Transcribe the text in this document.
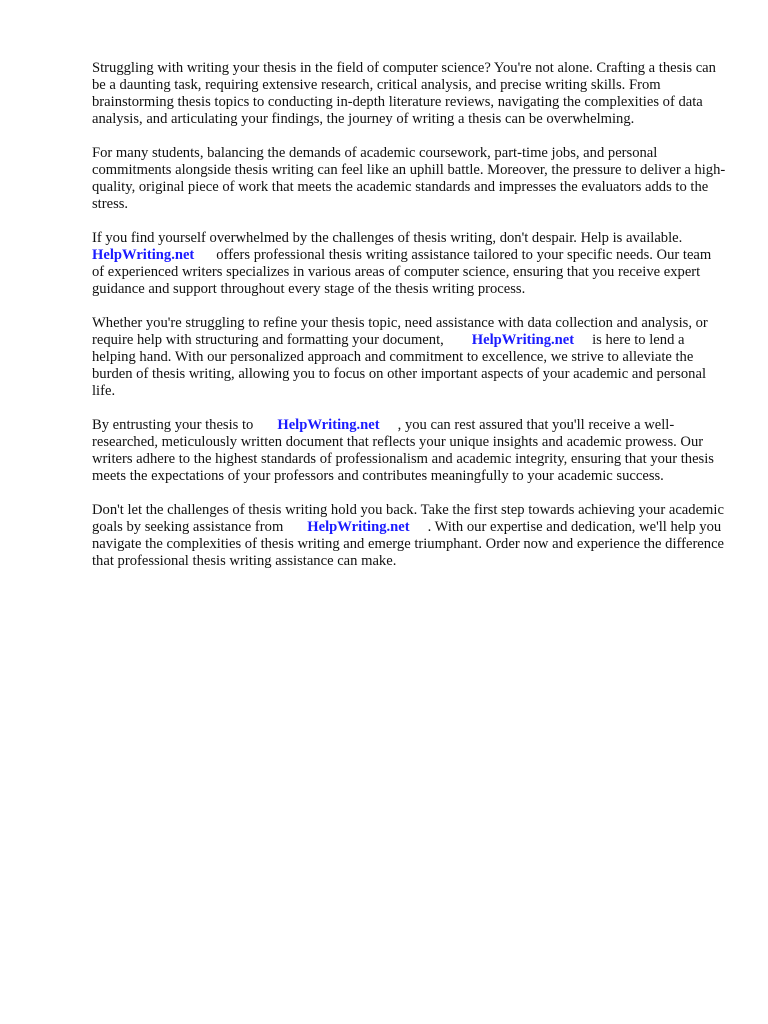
Struggling with writing your thesis in the field of computer science? You're not alone. Crafting a thesis can be a daunting task, requiring extensive research, critical analysis, and precise writing skills. From brainstorming thesis topics to conducting in-depth literature reviews, navigating the complexities of data analysis, and articulating your findings, the journey of writing a thesis can be overwhelming.

For many students, balancing the demands of academic coursework, part-time jobs, and personal commitments alongside thesis writing can feel like an uphill battle. Moreover, the pressure to deliver a high-quality, original piece of work that meets the academic standards and impresses the evaluators adds to the stress.

If you find yourself overwhelmed by the challenges of thesis writing, don't despair. Help is available. HelpWriting.net offers professional thesis writing assistance tailored to your specific needs. Our team of experienced writers specializes in various areas of computer science, ensuring that you receive expert guidance and support throughout every stage of the thesis writing process.

Whether you're struggling to refine your thesis topic, need assistance with data collection and analysis, or require help with structuring and formatting your document, HelpWriting.net is here to lend a helping hand. With our personalized approach and commitment to excellence, we strive to alleviate the burden of thesis writing, allowing you to focus on other important aspects of your academic and personal life.

By entrusting your thesis to HelpWriting.net , you can rest assured that you'll receive a well-researched, meticulously written document that reflects your unique insights and academic prowess. Our writers adhere to the highest standards of professionalism and academic integrity, ensuring that your thesis meets the expectations of your professors and contributes meaningfully to your academic success.

Don't let the challenges of thesis writing hold you back. Take the first step towards achieving your academic goals by seeking assistance from HelpWriting.net . With our expertise and dedication, we'll help you navigate the complexities of thesis writing and emerge triumphant. Order now and experience the difference that professional thesis writing assistance can make.
